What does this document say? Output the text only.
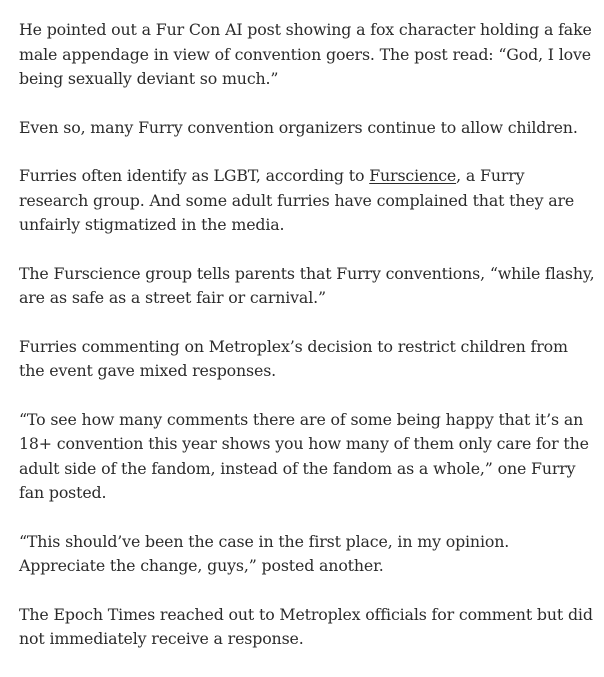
He pointed out a Fur Con AI post showing a fox character holding a fake male appendage in view of convention goers. The post read: “God, I love being sexually deviant so much.”

Even so, many Furry convention organizers continue to allow children.

Furries often identify as LGBT, according to Furscience, a Furry research group. And some adult furries have complained that they are unfairly stigmatized in the media.

The Furscience group tells parents that Furry conventions, “while flashy, are as safe as a street fair or carnival.”

Furries commenting on Metroplex’s decision to restrict children from the event gave mixed responses.

“To see how many comments there are of some being happy that it’s an 18+ convention this year shows you how many of them only care for the adult side of the fandom, instead of the fandom as a whole,” one Furry fan posted.

“This should’ve been the case in the first place, in my opinion. Appreciate the change, guys,” posted another.

The Epoch Times reached out to Metroplex officials for comment but did not immediately receive a response.
